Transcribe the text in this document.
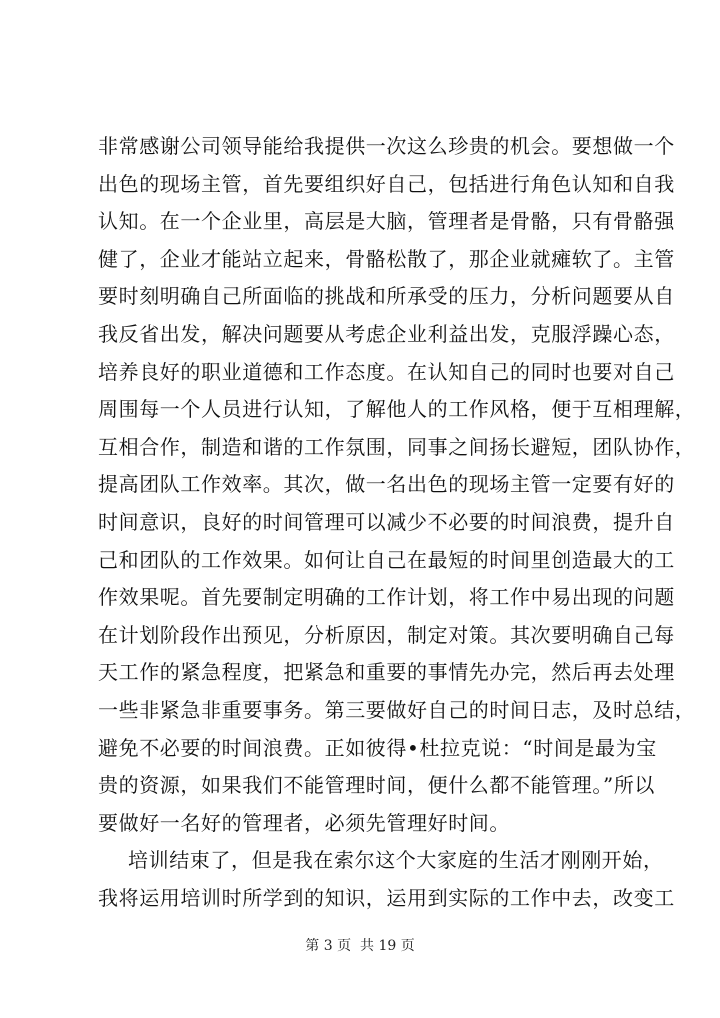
非常感谢公司领导能给我提供一次这么珍贵的机会。要想做一个
出色的现场主管，首先要组织好自己，包括进行角色认知和自我
认知。在一个企业里，高层是大脑，管理者是骨骼，只有骨骼强
健了，企业才能站立起来，骨骼松散了，那企业就瘫软了。主管
要时刻明确自己所面临的挑战和所承受的压力，分析问题要从自
我反省出发，解决问题要从考虑企业利益出发，克服浮躁心态，
培养良好的职业道德和工作态度。在认知自己的同时也要对自己
周围每一个人员进行认知，了解他人的工作风格，便于互相理解，
互相合作，制造和谐的工作氛围，同事之间扬长避短，团队协作，
提高团队工作效率。其次，做一名出色的现场主管一定要有好的
时间意识，良好的时间管理可以减少不必要的时间浪费，提升自
己和团队的工作效果。如何让自己在最短的时间里创造最大的工
作效果呢。首先要制定明确的工作计划，将工作中易出现的问题
在计划阶段作出预见，分析原因，制定对策。其次要明确自己每
天工作的紧急程度，把紧急和重要的事情先办完，然后再去处理
一些非紧急非重要事务。第三要做好自己的时间日志，及时总结，
避免不必要的时间浪费。正如彼得•杜拉克说：“时间是最为宝
贵的资源，如果我们不能管理时间，便什么都不能管理。”所以
要做好一名好的管理者，必须先管理好时间。
培训结束了，但是我在索尔这个大家庭的生活才刚刚开始，
我将运用培训时所学到的知识，运用到实际的工作中去，改变工
第 3 页  共 19 页
